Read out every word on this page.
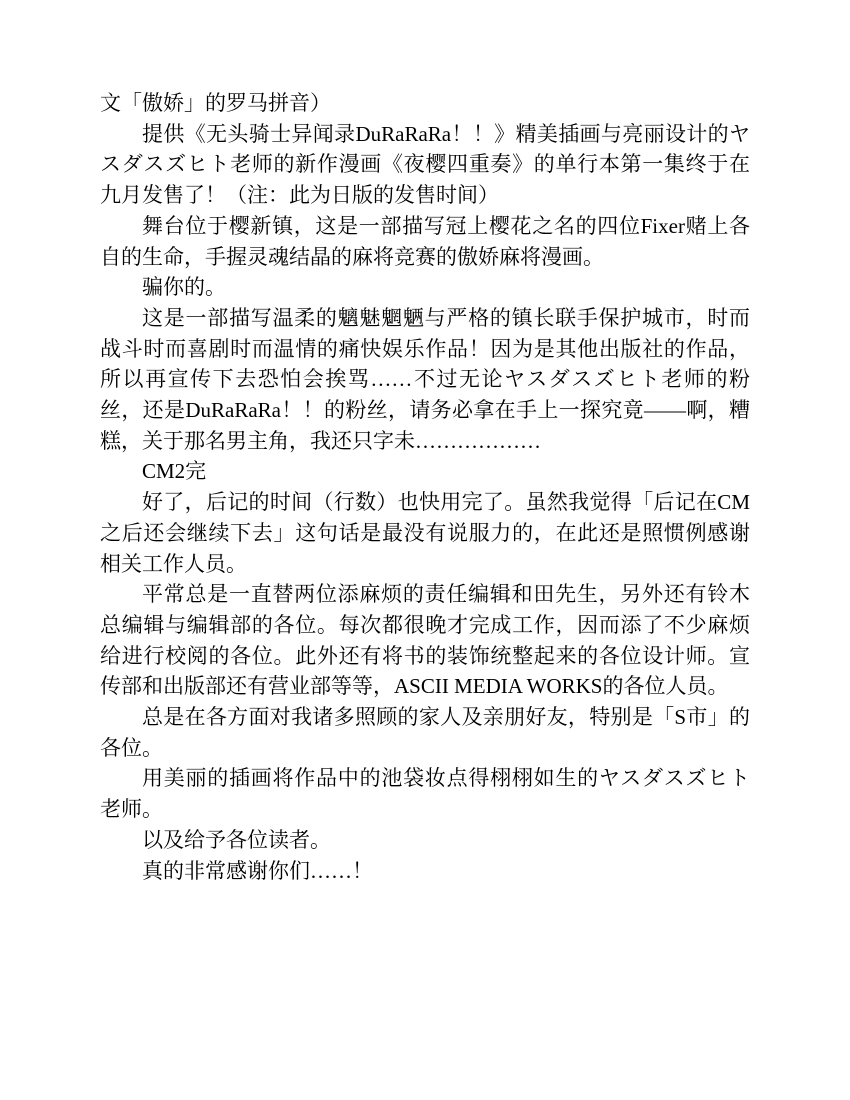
文「傲娇」的罗马拼音）

提供《无头骑士异闻录DuRaRaRa！！》精美插画与亮丽设计的ヤスダスズヒト老师的新作漫画《夜樱四重奏》的单行本第一集终于在九月发售了！（注：此为日版的发售时间）

舞台位于樱新镇，这是一部描写冠上樱花之名的四位Fixer赌上各自的生命，手握灵魂结晶的麻将竞赛的傲娇麻将漫画。

骗你的。

这是一部描写温柔的魑魅魍魉与严格的镇长联手保护城市，时而战斗时而喜剧时而温情的痛快娱乐作品！因为是其他出版社的作品，所以再宣传下去恐怕会挨骂……不过无论ヤスダスズヒト老师的粉丝，还是DuRaRaRa！！的粉丝，请务必拿在手上一探究竟——啊，糟糕，关于那名男主角，我还只字未………………

CM2完

好了，后记的时间（行数）也快用完了。虽然我觉得「后记在CM之后还会继续下去」这句话是最没有说服力的，在此还是照惯例感谢相关工作人员。

平常总是一直替两位添麻烦的责任编辑和田先生，另外还有铃木总编辑与编辑部的各位。每次都很晚才完成工作，因而添了不少麻烦给进行校阅的各位。此外还有将书的装饰统整起来的各位设计师。宣传部和出版部还有营业部等等，ASCII MEDIA WORKS的各位人员。

总是在各方面对我诸多照顾的家人及亲朋好友，特别是「S市」的各位。

用美丽的插画将作品中的池袋妆点得栩栩如生的ヤスダスズヒト老师。

以及给予各位读者。

真的非常感谢你们……！
